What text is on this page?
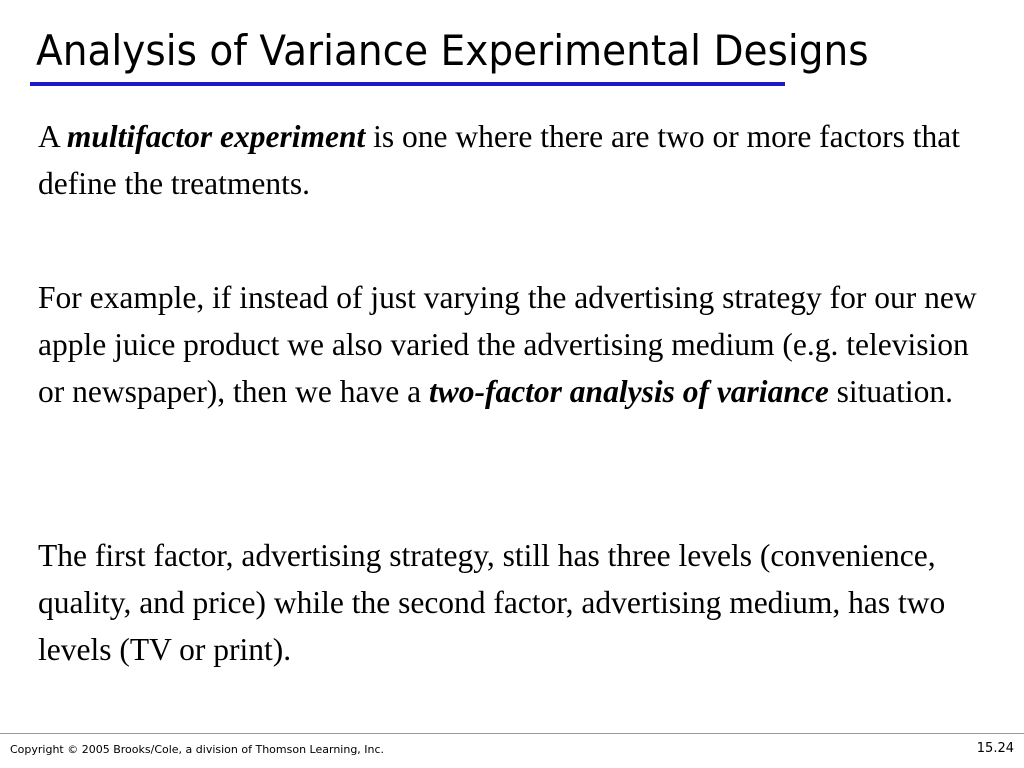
Analysis of Variance Experimental Designs

A multifactor experiment is one where there are two or more factors that define the treatments.

For example, if instead of just varying the advertising strategy for our new apple juice product we also varied the advertising medium (e.g. television or newspaper), then we have a two-factor analysis of variance situation.

The first factor, advertising strategy, still has three levels (convenience, quality, and price) while the second factor, advertising medium, has two levels (TV or print).

Copyright © 2005 Brooks/Cole, a division of Thomson Learning, Inc.	15.24
